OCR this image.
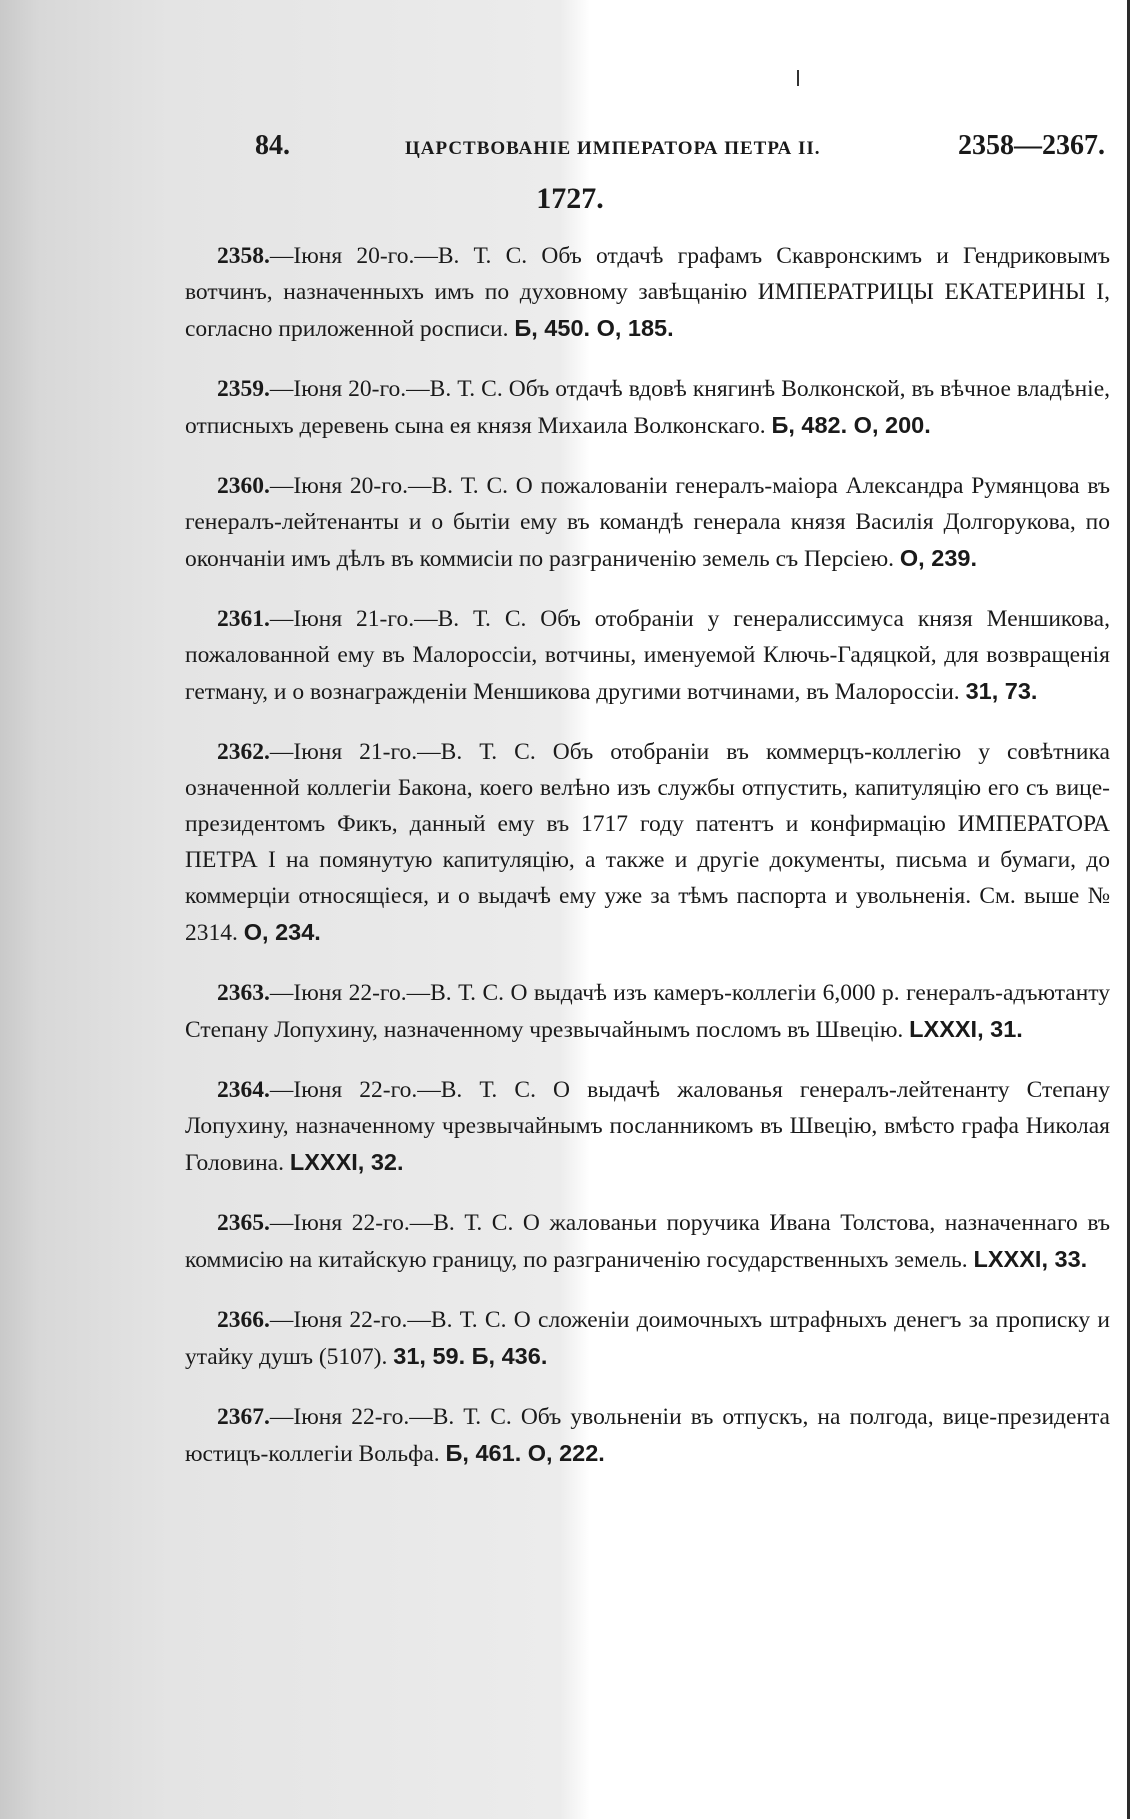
84.	ЦАРСТВОВАНІЕ ИМПЕРАТОРА ПЕТРА II.	2358—2367.
1727.

2358.—Іюня 20-го.—В. Т. С. Объ отдачѣ графамъ Скавронскимъ и Гендриковымъ вотчинъ, назначенныхъ имъ по духовному завѣщанію ИМПЕРАТРИЦЫ ЕКАТЕРИНЫ I, согласно приложенной росписи. Б, 450. О, 185.

2359.—Іюня 20-го.—В. Т. С. Объ отдачѣ вдовѣ княгинѣ Волконской, въ вѣчное владѣніе, отписныхъ деревень сына ея князя Михаила Волконскаго. Б, 482. О, 200.

2360.—Іюня 20-го.—В. Т. С. О пожалованіи генералъ-маіора Александра Румянцова въ генералъ-лейтенанты и о бытіи ему въ командѣ генерала князя Василія Долгорукова, по окончаніи имъ дѣлъ въ коммисіи по разграниченію земель съ Персіею. О, 239.

2361.—Іюня 21-го.—В. Т. С. Объ отобраніи у генералиссимуса князя Меншикова, пожалованной ему въ Малороссіи, вотчины, именуемой Ключь-Гадяцкой, для возвращенія гетману, и о вознагражденіи Меншикова другими вотчинами, въ Малороссіи. 31, 73.

2362.—Іюня 21-го.—В. Т. С. Объ отобраніи въ коммерцъ-коллегію у совѣтника означенной коллегіи Бакона, коего велѣно изъ службы отпустить, капитуляцію его съ вице-президентомъ Фикъ, данный ему въ 1717 году патентъ и конфирмацію ИМПЕРАТОРА ПЕТРА I на помянутую капитуляцію, а также и другіе документы, письма и бумаги, до коммерціи относящіеся, и о выдачѣ ему уже за тѣмъ паспорта и увольненія. См. выше № 2314. О, 234.

2363.—Іюня 22-го.—В. Т. С. О выдачѣ изъ камеръ-коллегіи 6,000 р. генералъ-адъютанту Степану Лопухину, назначенному чрезвычайнымъ посломъ въ Швецію. LXXXI, 31.

2364.—Іюня 22-го.—В. Т. С. О выдачѣ жалованья генералъ-лейтенанту Степану Лопухину, назначенному чрезвычайнымъ посланникомъ въ Швецію, вмѣсто графа Николая Головина. LXXXI, 32.

2365.—Іюня 22-го.—В. Т. С. О жалованьи поручика Ивана Толстова, назначеннаго въ коммисію на китайскую границу, по разграниченію государственныхъ земель. LXXXI, 33.

2366.—Іюня 22-го.—В. Т. С. О сложеніи доимочныхъ штрафныхъ денегъ за прописку и утайку душъ (5107). 31, 59. Б, 436.

2367.—Іюня 22-го.—В. Т. С. Объ увольненіи въ отпускъ, на полгода, вице-президента юстицъ-коллегіи Вольфа. Б, 461. О, 222.
